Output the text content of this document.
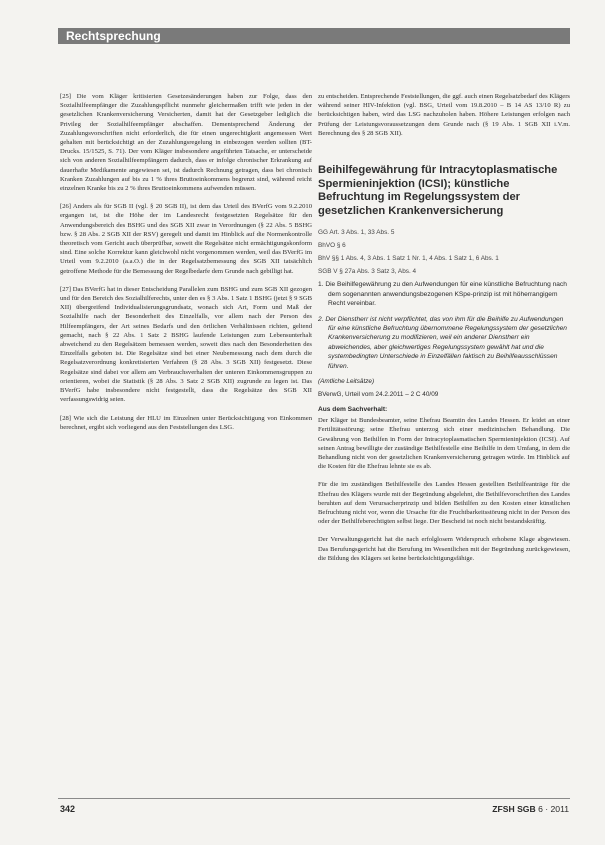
Rechtsprechung

[25] Die vom Kläger kritisierten Gesetzesänderungen haben zur Folge, dass den Sozialhilfeempfänger die Zuzahlungspflicht nunmehr gleichermaßen trifft wie jeden in der gesetzlichen Krankenversicherung Versicherten, damit hat der Gesetzgeber lediglich die Privileg der Sozialhilfeempfänger abschaffen. Dementsprechend Änderung der Zuzahlungsvorschriften nicht erforderlich, die für einen ungerechtigkeit angemessen Wert gehalten mit berücksichtigt an der Zuzahlungsregelung in einbezogen werden sollten (BT-Drucks. 15/1525, S. 71). Der vom Kläger insbesondere angeführten Tatsache, er unterscheide sich von anderen Sozialhilfeempfängern dadurch, dass er infolge chronischer Erkrankung auf dauerhafte Medikamente angewiesen sei, ist dadurch Rechnung getragen, dass bei chronisch Kranken Zuzahlungen auf bis zu 1 % ihres Bruttoeinkommens begrenzt sind, während reicht einzelnen Kranke bis zu 2 % ihres Bruttoeinkommens aufwenden müssen.

[26] Anders als für SGB II (vgl. § 20 SGB II), ist dem das Urteil des BVerfG vom 9.2.2010 ergangen ist, ist die Höhe der im Landesrecht festgesetzten Regelsätze für den Anwendungsbereich des BSHG und des SGB XII zwar in Verordnungen (§ 22 Abs. 5 BSHG bzw. § 28 Abs. 2 SGB XII der RSV) geregelt und damit im Hinblick auf die Normenkontrolle theoretisch vom Gericht auch überprüfbar, soweit die Regelsätze nicht ermächtigungskonform sind. Eine solche Korrektur kann gleichwohl nicht vorgenommen werden, weil das BVerfG im Urteil vom 9.2.2010 (a.a.O.) die in der Regelsatzbemessung des SGB XII tatsächlich getroffene Methode für die Bemessung der Regelbedarfe dem Grunde nach gebilligt hat.

[27] Das BVerfG hat in dieser Entscheidung Parallelen zum BSHG und zum SGB XII gezogen und für den Bereich des Sozialhilferechts, unter den es § 3 Abs. 1 Satz 1 BSHG (jetzt § 9 SGB XII) übergreifend Individualisierungsgrundsatz, wonach sich Art, Form und Maß der Sozialhilfe nach der Besonderheit des Einzelfalls, vor allem nach der Person des Hilfeempfängers, der Art seines Bedarfs und den örtlichen Verhältnissen richten, geltend gemacht, nach § 22 Abs. 1 Satz 2 BSHG laufende Leistungen zum Lebensunterhalt abweichend zu den Regelsätzen bemessen werden, soweit dies nach den Besonderheiten des Einzelfalls geboten ist. Die Regelsätze sind bei einer Neubemessung nach dem durch die Regelsatzverordnung konkretisierten Verfahren (§ 28 Abs. 3 SGB XII) festgesetzt. Diese Regelsätze sind dabei vor allem am Verbrauchsverhalten der unteren Einkommensgruppen zu orientieren, wobei die Statistik (§ 28 Abs. 3 Satz 2 SGB XII) zugrunde zu legen ist. Das BVerfG habe insbesondere nicht festgestellt, dass die Regelsätze des SGB XII verfassungswidrig seien.

[28] Wie sich die Leistung der HLU im Einzelnen unter Berücksichtigung von Einkommen berechnet, ergibt sich vorliegend aus den Feststellungen des LSG.

zu entscheiden. Entsprechende Feststellungen, die ggf. auch einen Regelsatzbedarf des Klägers während seiner HIV-Infektion (vgl. BSG, Urteil vom 19.8.2010 – B 14 AS 13/10 R) zu berücksichtigen haben, wird das LSG nachzuholen haben. Höhere Leistungen erfolgen nach Prüfung der Leistungsvoraussetzungen dem Grunde nach (§ 19 Abs. 1 SGB XII i.V.m. Berechnung des § 28 SGB XII).

Beihilfegewährung für Intracytoplasmatische Spermieninjektion (ICSI); künstliche Befruchtung im Regelungssystem der gesetzlichen Krankenversicherung

GG Art. 3 Abs. 1, 33 Abs. 5

BhVO § 6

BhV §§ 1 Abs. 4, 3 Abs. 1 Satz 1 Nr. 1, 4 Abs. 1 Satz 1, 6 Abs. 1

SGB V § 27a Abs. 3 Satz 3, Abs. 4

1. Die Beihilfegewährung zu den Aufwendungen für eine künstliche Befruchtung nach dem sogenannten anwendungsbezogenen KSpe-prinzip ist mit höherrangigem Recht vereinbar.
2. Der Dienstherr ist nicht verpflichtet, das von ihm für die Beihilfe zu Aufwendungen für eine künstliche Befruchtung übernommene Regelungssystem der gesetzlichen Krankenversicherung zu modifizieren, weil ein anderer Dienstherr ein abweichendes, aber gleichwertiges Regelungssystem gewählt hat und die systembedingten Unterschiede in Einzelfällen faktisch zu Beihilfeausschlüssen führen.

(Amtliche Leitsätze)

BVerwG, Urteil vom 24.2.2011 – 2 C 40/09

Aus dem Sachverhalt:

Der Kläger ist Bundesbeamter, seine Ehefrau Beamtin des Landes Hessen. Er leidet an einer Fertilitätsstörung; seine Ehefrau unterzog sich einer medizinischen Behandlung. Die Gewährung von Beihilfen in Form der Intracytoplasmatischen Spermieninjektion (ICSI). Auf seinen Antrag bewilligte der zuständige Beihilfestelle eine Beihilfe in dem Umfang, in dem die Behandlung nicht von der gesetzlichen Krankenversicherung getragen würde. Im Hinblick auf die Kosten für die Ehefrau lehnte sie es ab.

Für die im zuständigen Beihilfestelle des Landes Hessen gestellten Beihilfeanträge für die Ehefrau des Klägers wurde mit der Begründung abgelehnt, die Beihilfevorschriften des Landes beruhten auf dem Verursacherprinzip und bilden Beihilfen zu den Kosten einer künstlichen Befruchtung nicht vor, wenn die Ursache für die Fruchtbarkeitsstörung nicht in der Person des oder der Beihilfeberechtigten selbst liege. Der Bescheid ist noch nicht bestandskräftig.

Der Verwaltungsgericht hat die nach erfolglosem Widerspruch erhobene Klage abgewiesen. Das Berufungsgericht hat die Berufung im Wesentlichen mit der Begründung zurückgewiesen, die Bildung des Klägers sei keine berücksichtigungsfähige.

342	ZFSH SGB 6 · 2011
